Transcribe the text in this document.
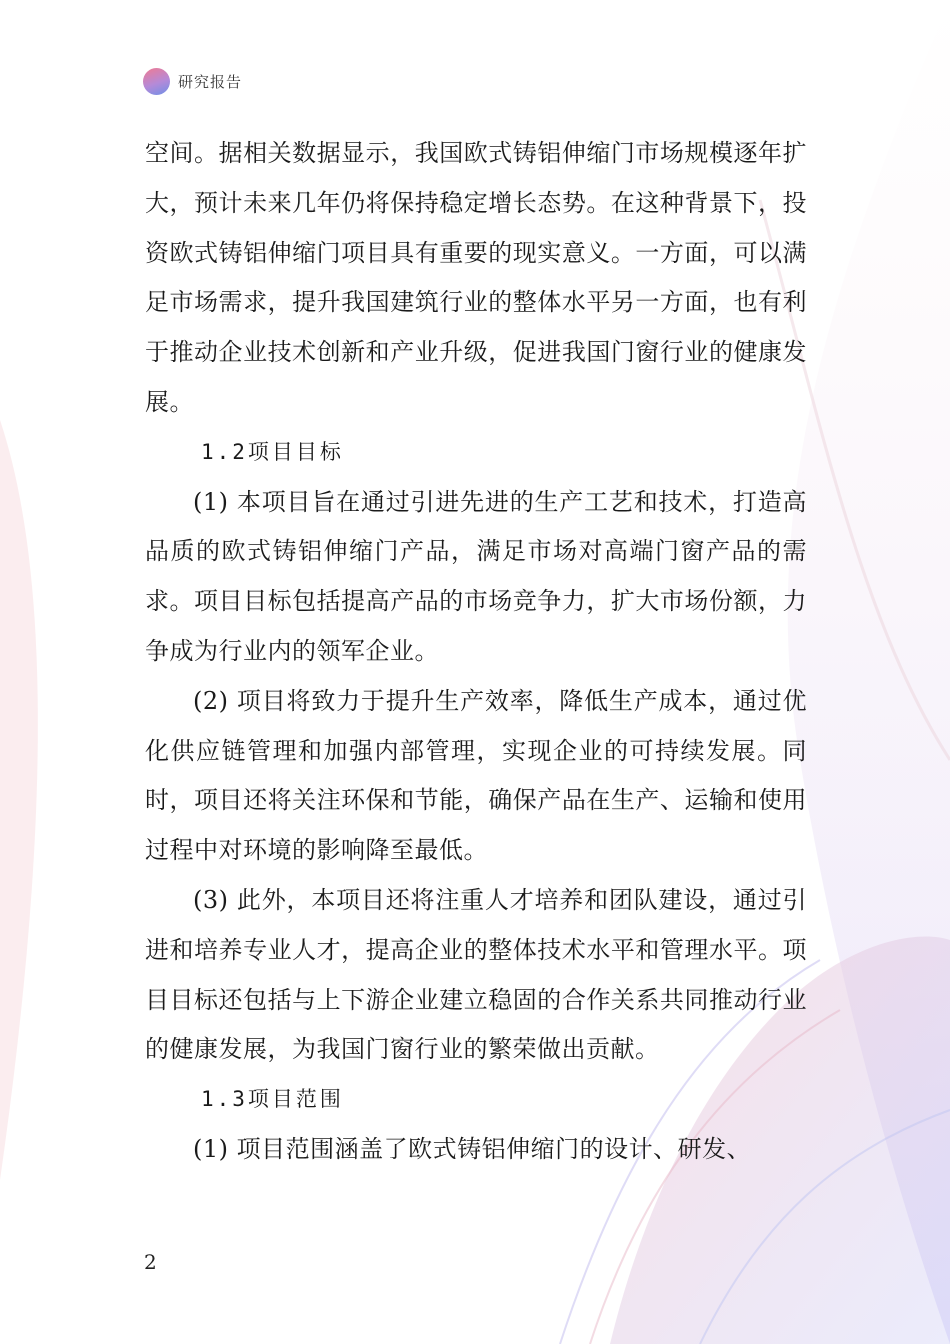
研究报告

空间。据相关数据显示，我国欧式铸铝伸缩门市场规模逐年扩大，预计未来几年仍将保持稳定增长态势。在这种背景下，投资欧式铸铝伸缩门项目具有重要的现实意义。一方面，可以满足市场需求，提升我国建筑行业的整体水平另一方面，也有利于推动企业技术创新和产业升级，促进我国门窗行业的健康发展。

1.2项目目标

(1) 本项目旨在通过引进先进的生产工艺和技术，打造高品质的欧式铸铝伸缩门产品，满足市场对高端门窗产品的需求。项目目标包括提高产品的市场竞争力，扩大市场份额，力争成为行业内的领军企业。

(2) 项目将致力于提升生产效率，降低生产成本，通过优化供应链管理和加强内部管理，实现企业的可持续发展。同时，项目还将关注环保和节能，确保产品在生产、运输和使用过程中对环境的影响降至最低。

(3) 此外，本项目还将注重人才培养和团队建设，通过引进和培养专业人才，提高企业的整体技术水平和管理水平。项目目标还包括与上下游企业建立稳固的合作关系共同推动行业的健康发展，为我国门窗行业的繁荣做出贡献。

1.3项目范围

(1) 项目范围涵盖了欧式铸铝伸缩门的设计、研发、

2
